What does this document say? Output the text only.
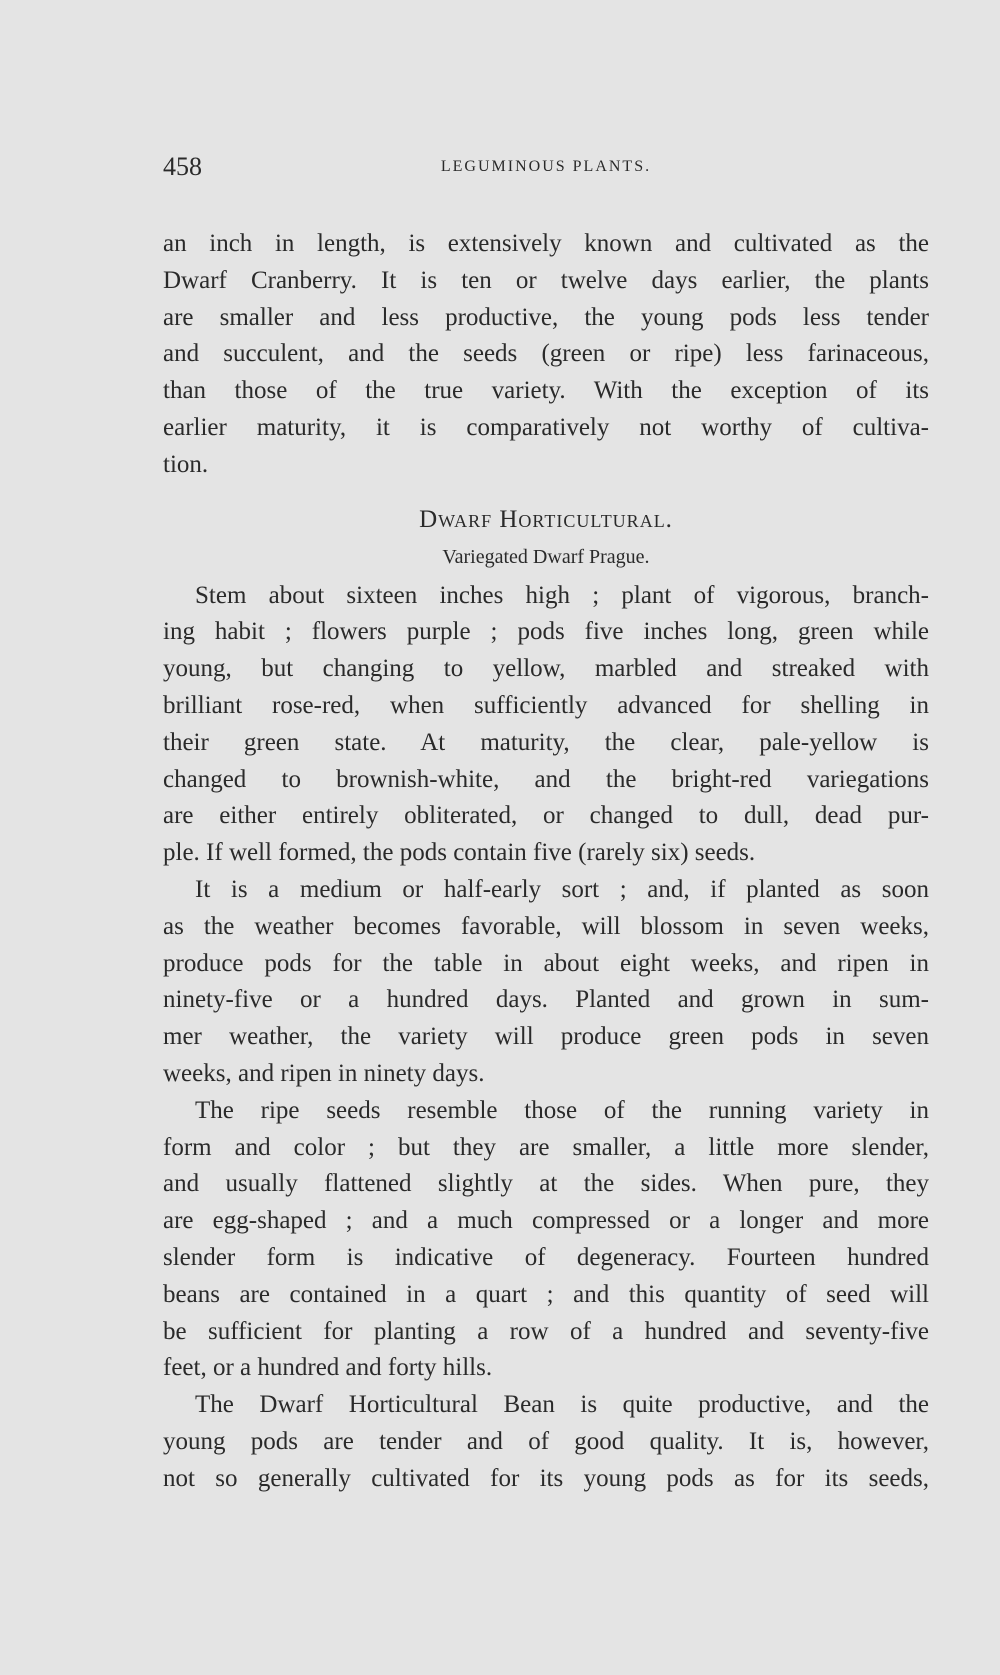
458	LEGUMINOUS PLANTS.
an inch in length, is extensively known and cultivated as the
Dwarf Cranberry. It is ten or twelve days earlier, the plants
are smaller and less productive, the young pods less tender
and succulent, and the seeds (green or ripe) less farinaceous,
than those of the true variety. With the exception of its
earlier maturity, it is comparatively not worthy of cultiva-
tion.
Dwarf Horticultural.
Variegated Dwarf Prague.
Stem about sixteen inches high ; plant of vigorous, branch-
ing habit ; flowers purple ; pods five inches long, green while
young, but changing to yellow, marbled and streaked with
brilliant rose-red, when sufficiently advanced for shelling in
their green state. At maturity, the clear, pale-yellow is
changed to brownish-white, and the bright-red variegations
are either entirely obliterated, or changed to dull, dead pur-
ple. If well formed, the pods contain five (rarely six) seeds.
It is a medium or half-early sort ; and, if planted as soon
as the weather becomes favorable, will blossom in seven weeks,
produce pods for the table in about eight weeks, and ripen in
ninety-five or a hundred days. Planted and grown in sum-
mer weather, the variety will produce green pods in seven
weeks, and ripen in ninety days.
The ripe seeds resemble those of the running variety in
form and color ; but they are smaller, a little more slender,
and usually flattened slightly at the sides. When pure, they
are egg-shaped ; and a much compressed or a longer and more
slender form is indicative of degeneracy. Fourteen hundred
beans are contained in a quart ; and this quantity of seed will
be sufficient for planting a row of a hundred and seventy-five
feet, or a hundred and forty hills.
The Dwarf Horticultural Bean is quite productive, and the
young pods are tender and of good quality. It is, however,
not so generally cultivated for its young pods as for its seeds,
